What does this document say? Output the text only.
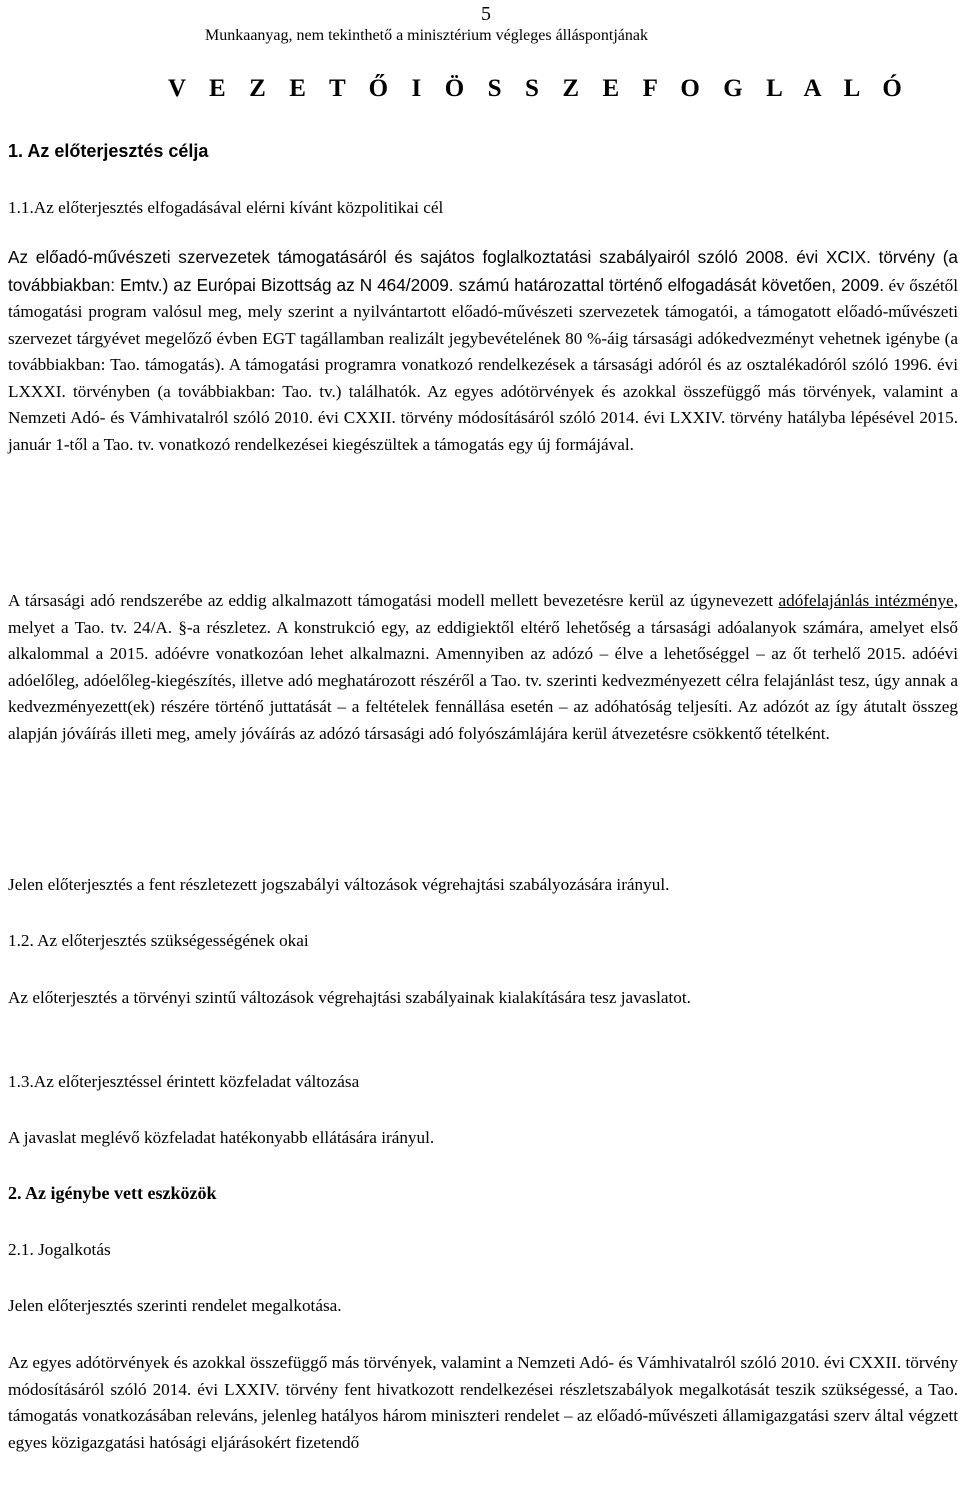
5
Munkaanyag, nem tekinthető a minisztérium végleges álláspontjának
V E Z E T Ő I Ö S S Z E F O G L A L Ó
1. Az előterjesztés célja
1.1.Az előterjesztés elfogadásával elérni kívánt közpolitikai cél
Az előadó-művészeti szervezetek támogatásáról és sajátos foglalkoztatási szabályairól szóló 2008. évi XCIX. törvény (a továbbiakban: Emtv.) az Európai Bizottság az N 464/2009. számú határozattal történő elfogadását követően, 2009. év őszétől támogatási program valósul meg, mely szerint a nyilvántartott előadó-művészeti szervezetek támogatói, a támogatott előadó-művészeti szervezet tárgyévet megelőző évben EGT tagállamban realizált jegybevételének 80 %-áig társasági adókedvezményt vehetnek igénybe (a továbbiakban: Tao. támogatás). A támogatási programra vonatkozó rendelkezések a társasági adóról és az osztalékadóról szóló 1996. évi LXXXI. törvényben (a továbbiakban: Tao. tv.) találhatók. Az egyes adótörvények és azokkal összefüggő más törvények, valamint a Nemzeti Adó- és Vámhivatalról szóló 2010. évi CXXII. törvény módosításáról szóló 2014. évi LXXIV. törvény hatályba lépésével 2015. január 1-től a Tao. tv. vonatkozó rendelkezései kiegészültek a támogatás egy új formájával.
A társasági adó rendszerébe az eddig alkalmazott támogatási modell mellett bevezetésre kerül az úgynevezett adófelajánlás intézménye, melyet a Tao. tv. 24/A. §-a részletez. A konstrukció egy, az eddigiektől eltérő lehetőség a társasági adóalanyok számára, amelyet első alkalommal a 2015. adóévre vonatkozóan lehet alkalmazni. Amennyiben az adózó – élve a lehetőséggel – az őt terhelő 2015. adóévi adóelőleg, adóelőleg-kiegészítés, illetve adó meghatározott részéről a Tao. tv. szerinti kedvezményezett célra felajánlást tesz, úgy annak a kedvezményezett(ek) részére történő juttatását – a feltételek fennállása esetén – az adóhatóság teljesíti. Az adózót az így átutalt összeg alapján jóváírás illeti meg, amely jóváírás az adózó társasági adó folyószámlájára kerül átvezetésre csökkentő tételként.
Jelen előterjesztés a fent részletezett jogszabályi változások végrehajtási szabályozására irányul.
1.2. Az előterjesztés szükségességének okai
Az előterjesztés a törvényi szintű változások végrehajtási szabályainak kialakítására tesz javaslatot.
1.3.Az előterjesztéssel érintett közfeladat változása
A javaslat meglévő közfeladat hatékonyabb ellátására irányul.
2. Az igénybe vett eszközök
2.1. Jogalkotás
Jelen előterjesztés szerinti rendelet megalkotása.
Az egyes adótörvények és azokkal összefüggő más törvények, valamint a Nemzeti Adó- és Vámhivatalról szóló 2010. évi CXXII. törvény módosításáról szóló 2014. évi LXXIV. törvény fent hivatkozott rendelkezései részletszabályok megalkotását teszik szükségessé, a Tao. támogatás vonatkozásában releváns, jelenleg hatályos három miniszteri rendelet – az előadó-művészeti államigazgatási szerv által végzett egyes közigazgatási hatósági eljárásokért fizetendő
